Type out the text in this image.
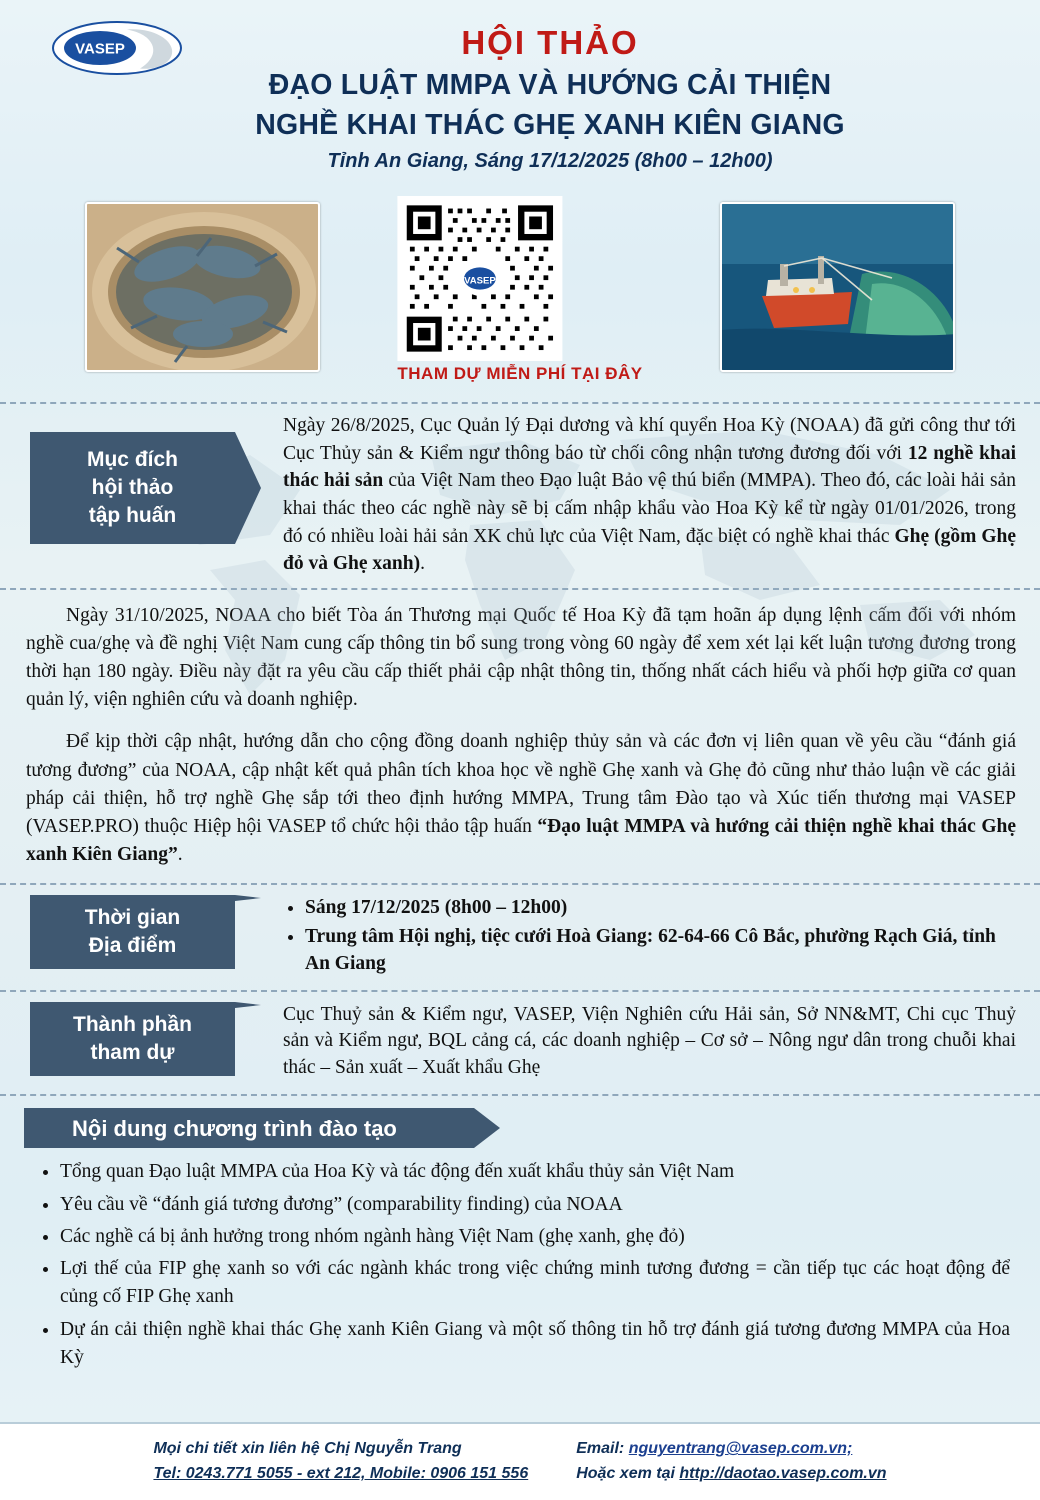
VASEP	HỘI THẢO
ĐẠO LUẬT MMPA VÀ HƯỚNG CẢI THIỆN
NGHỀ KHAI THÁC GHẸ XANH KIÊN GIANG
Tỉnh An Giang, Sáng 17/12/2025 (8h00 – 12h00)
VASEP
THAM DỰ MIỄN PHÍ TẠI ĐÂY
Mục đích
hội thảo
tập huấn
Ngày 26/8/2025, Cục Quản lý Đại dương và khí quyển Hoa Kỳ (NOAA) đã gửi công thư tới Cục Thủy sản & Kiểm ngư thông báo từ chối công nhận tương đương đối với 12 nghề khai thác hải sản của Việt Nam theo Đạo luật Bảo vệ thú biển (MMPA). Theo đó, các loài hải sản khai thác theo các nghề này sẽ bị cấm nhập khẩu vào Hoa Kỳ kể từ ngày 01/01/2026, trong đó có nhiều loài hải sản XK chủ lực của Việt Nam, đặc biệt có nghề khai thác Ghẹ (gồm Ghẹ đỏ và Ghẹ xanh).

Ngày 31/10/2025, NOAA cho biết Tòa án Thương mại Quốc tế Hoa Kỳ đã tạm hoãn áp dụng lệnh cấm đối với nhóm nghề cua/ghẹ và đề nghị Việt Nam cung cấp thông tin bổ sung trong vòng 60 ngày để xem xét lại kết luận tương đương trong thời hạn 180 ngày. Điều này đặt ra yêu cầu cấp thiết phải cập nhật thông tin, thống nhất cách hiểu và phối hợp giữa cơ quan quản lý, viện nghiên cứu và doanh nghiệp.

Để kịp thời cập nhật, hướng dẫn cho cộng đồng doanh nghiệp thủy sản và các đơn vị liên quan về yêu cầu “đánh giá tương đương” của NOAA, cập nhật kết quả phân tích khoa học về nghề Ghẹ xanh và Ghẹ đỏ cũng như thảo luận về các giải pháp cải thiện, hỗ trợ nghề Ghẹ sắp tới theo định hướng MMPA, Trung tâm Đào tạo và Xúc tiến thương mại VASEP (VASEP.PRO) thuộc Hiệp hội VASEP tổ chức hội thảo tập huấn “Đạo luật MMPA và hướng cải thiện nghề khai thác Ghẹ xanh Kiên Giang”.

Thời gian
Địa điểm
• Sáng 17/12/2025 (8h00 – 12h00)
• Trung tâm Hội nghị, tiệc cưới Hoà Giang: 62-64-66 Cô Bắc, phường Rạch Giá, tỉnh An Giang
Thành phần
tham dự
Cục Thuỷ sản & Kiểm ngư, VASEP, Viện Nghiên cứu Hải sản, Sở NN&MT, Chi cục Thuỷ sản và Kiểm ngư, BQL cảng cá, các doanh nghiệp – Cơ sở – Nông ngư dân trong chuỗi khai thác – Sản xuất – Xuất khẩu Ghẹ
Nội dung chương trình đào tạo
• Tổng quan Đạo luật MMPA của Hoa Kỳ và tác động đến xuất khẩu thủy sản Việt Nam
• Yêu cầu về “đánh giá tương đương” (comparability finding) của NOAA
• Các nghề cá bị ảnh hưởng trong nhóm ngành hàng Việt Nam (ghẹ xanh, ghẹ đỏ)
• Lợi thế của FIP ghẹ xanh so với các ngành khác trong việc chứng minh tương đương = cần tiếp tục các hoạt động để củng cố FIP Ghẹ xanh
• Dự án cải thiện nghề khai thác Ghẹ xanh Kiên Giang và một số thông tin hỗ trợ đánh giá tương đương MMPA của Hoa Kỳ
Mọi chi tiết xin liên hệ Chị Nguyễn Trang
Tel: 0243.771 5055 - ext 212, Mobile: 0906 151 556
Email: nguyentrang@vasep.com.vn;
Hoặc xem tại http://daotao.vasep.com.vn
